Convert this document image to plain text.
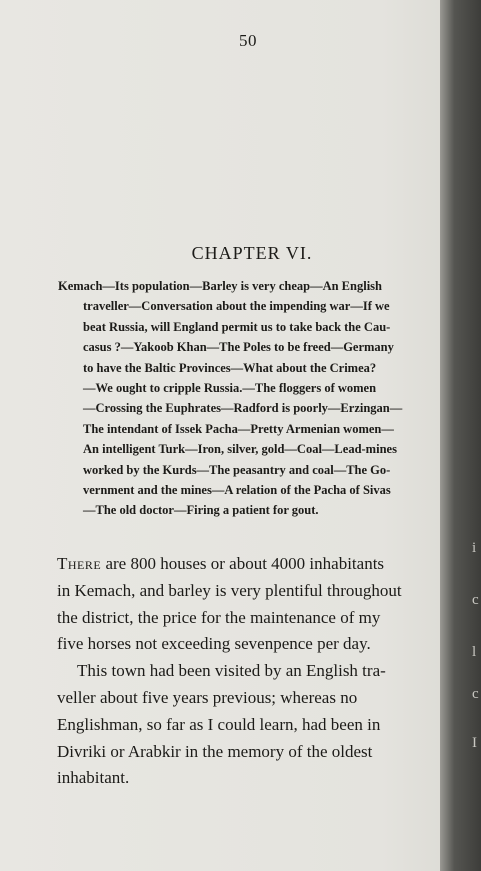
i
c
l
c
I
50
CHAPTER VI.
Kemach—Its population—Barley is very cheap—An English
traveller—Conversation about the impending war—If we
beat Russia, will England permit us to take back the Cau-
casus ?—Yakoob Khan—The Poles to be freed—Germany
to have the Baltic Provinces—What about the Crimea?
—We ought to cripple Russia.—The floggers of women
—Crossing the Euphrates—Radford is poorly—Erzingan—
The intendant of Issek Pacha—Pretty Armenian women—
An intelligent Turk—Iron, silver, gold—Coal—Lead-mines
worked by the Kurds—The peasantry and coal—The Go-
vernment and the mines—A relation of the Pacha of Sivas
—The old doctor—Firing a patient for gout.
There are 800 houses or about 4000 inhabitants
in Kemach, and barley is very plentiful throughout
the district, the price for the maintenance of my
five horses not exceeding sevenpence per day.
This town had been visited by an English tra-
veller about five years previous; whereas no
Englishman, so far as I could learn, had been in
Divriki or Arabkir in the memory of the oldest
inhabitant.
